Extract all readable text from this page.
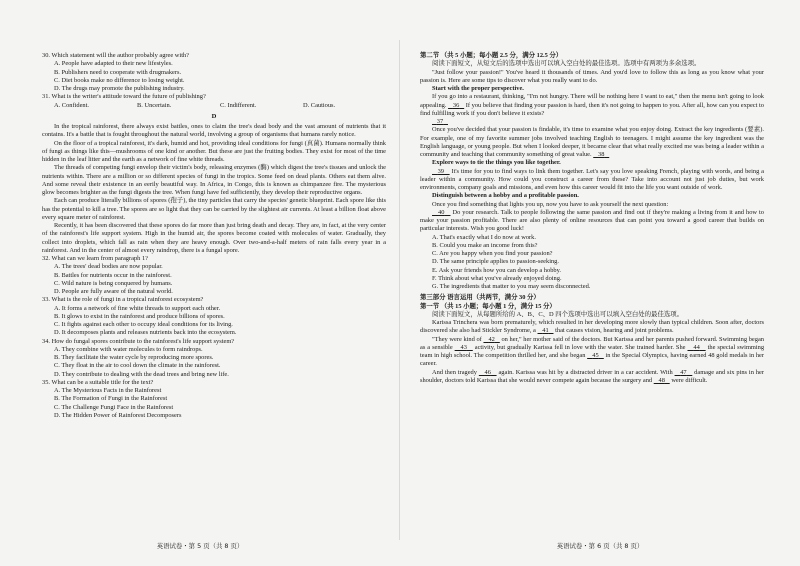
30. Which statement will the author probably agree with?

A. People have adapted to their new lifestyles.

B. Publishers need to cooperate with drugmakers.

C. Diet books make no difference to losing weight.

D. The drugs may promote the publishing industry.

31. What is the writer's attitude toward the future of publishing?

A. Confident.	B. Uncertain.	C. Indifferent.	D. Cautious.
D

In the tropical rainforest, there always exist battles, ones to claim the tree's dead body and the vast amount of nutrients that it contains. It's a battle that is fought throughout the natural world, involving a group of organisms that humans rarely notice.

On the floor of a tropical rainforest, it's dark, humid and hot, providing ideal conditions for fungi (真菌). Humans normally think of fungi as things like this—mushrooms of one kind or another. But these are just the fruiting bodies. They exist for most of the time hidden in the leaf litter and the earth as a network of fine white threads.

The threads of competing fungi envelop their victim's body, releasing enzymes (酶) which digest the tree's tissues and unlock the nutrients within. There are a million or so different species of fungi in the tropics. Some feed on dead plants. Others eat them alive. And some reveal their existence in an eerily beautiful way. In Africa, in Congo, this is known as chimpanzee fire. The mysterious glow becomes brighter as the fungi digests the tree. When fungi have fed sufficiently, they develop their reproductive organs.

Each can produce literally billions of spores (孢子), the tiny particles that carry the species' genetic blueprint. Each spore like this has the potential to kill a tree. The spores are so light that they can be carried by the slightest air currents. At least a billion float above every square meter of rainforest.

Recently, it has been discovered that these spores do far more than just bring death and decay. They are, in fact, at the very center of the rainforest's life support system. High in the humid air, the spores become coated with molecules of water. Gradually, they collect into droplets, which fall as rain when they are heavy enough. Over two-and-a-half meters of rain falls every year in a rainforest. And in the center of almost every raindrop, there is a fungal spore.

32. What can we learn from paragraph 1?

A. The trees' dead bodies are now popular.

B. Battles for nutrients occur in the rainforest.

C. Wild nature is being conquered by humans.

D. People are fully aware of the natural world.

33. What is the role of fungi in a tropical rainforest ecosystem?

A. It forms a network of fine white threads to support each other.

B. It glows to exist in the rainforest and produce billions of spores.

C. It fights against each other to occupy ideal conditions for its living.

D. It decomposes plants and releases nutrients back into the ecosystem.

34. How do fungal spores contribute to the rainforest's life support system?

A. They combine with water molecules to form raindrops.

B. They facilitate the water cycle by reproducing more spores.

C. They float in the air to cool down the climate in the rainforest.

D. They contribute to dealing with the dead trees and bring new life.

35. What can be a suitable title for the text?

A. The Mysterious Facts in the Rainforest

B. The Formation of Fungi in the Rainforest

C. The Challenge Fungi Face in the Rainforest

D. The Hidden Power of Rainforest Decomposers

英语试卷・第 5 页（共 8 页）

第二节 （共 5 小题；每小题 2.5 分，满分 12.5 分）

阅读下面短文，从短文后的选项中选出可以填入空白处的最佳选项。选项中有两项为多余选项。

"Just follow your passion!" You've heard it thousands of times. And you'd love to follow this as long as you know what your passion is. Here are some tips to discover what you really want to do.

Start with the proper perspective.

If you go into a restaurant, thinking, "I'm not hungry. There will be nothing here I want to eat," then the menu isn't going to look appealing. 36 If you believe that finding your passion is hard, then it's not going to happen to you. After all, how can you expect to find fulfilling work if you don't believe it exists?

37

Once you've decided that your passion is findable, it's time to examine what you enjoy doing. Extract the key ingredients (要素). For example, one of my favorite summer jobs involved teaching English to teenagers. I might assume the key ingredient was the English language, or young people. But when I looked deeper, it became clear that what really excited me was being a leader within a community and teaching that community something of great value. 38

Explore ways to tie the things you like together.

39 It's time for you to find ways to link them together. Let's say you love speaking French, playing with words, and being a leader within a community. How could you construct a career from these? Take into account not just job duties, but work environments, company goals and missions, and even how this career would fit into the life you want outside of work.

Distinguish between a hobby and a profitable passion.

Once you find something that lights you up, now you have to ask yourself the next question:

40 Do your research. Talk to people following the same passion and find out if they're making a living from it and how to make your passion profitable. There are also plenty of online resources that can point you toward a good career that builds on particular interests. Wish you good luck!

A. That's exactly what I do now at work.

B. Could you make an income from this?

C. Are you happy when you find your passion?

D. The same principle applies to passion-seeking.

E. Ask your friends how you can develop a hobby.

F. Think about what you've already enjoyed doing.

G. The ingredients that matter to you may seem disconnected.

第三部分 语言运用（共两节，满分 30 分）

第一节 （共 15 小题；每小题 1 分，满分 15 分）

阅读下面短文，从每题所给的 A、B、C、D 四个选项中选出可以填入空白处的最佳选项。

Karissa Trinchera was born prematurely, which resulted in her developing more slowly than typical children. Soon after, doctors discovered she also had Stickler Syndrome, a 41 that causes vision, hearing and joint problems.

"They were kind of 42 on her," her mother said of the doctors. But Karissa and her parents pushed forward. Swimming began as a sensible 43 activity, but gradually Karissa fell in love with the water. She trained harder. She 44 the special swimming team in high school. The competition thrilled her, and she began 45 in the Special Olympics, having earned 48 gold medals in her career.

And then tragedy 46 again. Karissa was hit by a distracted driver in a car accident. With 47 damage and six pins in her shoulder, doctors told Karissa that she would never compete again because the surgery and 48 were difficult.

英语试卷・第 6 页（共 8 页）
